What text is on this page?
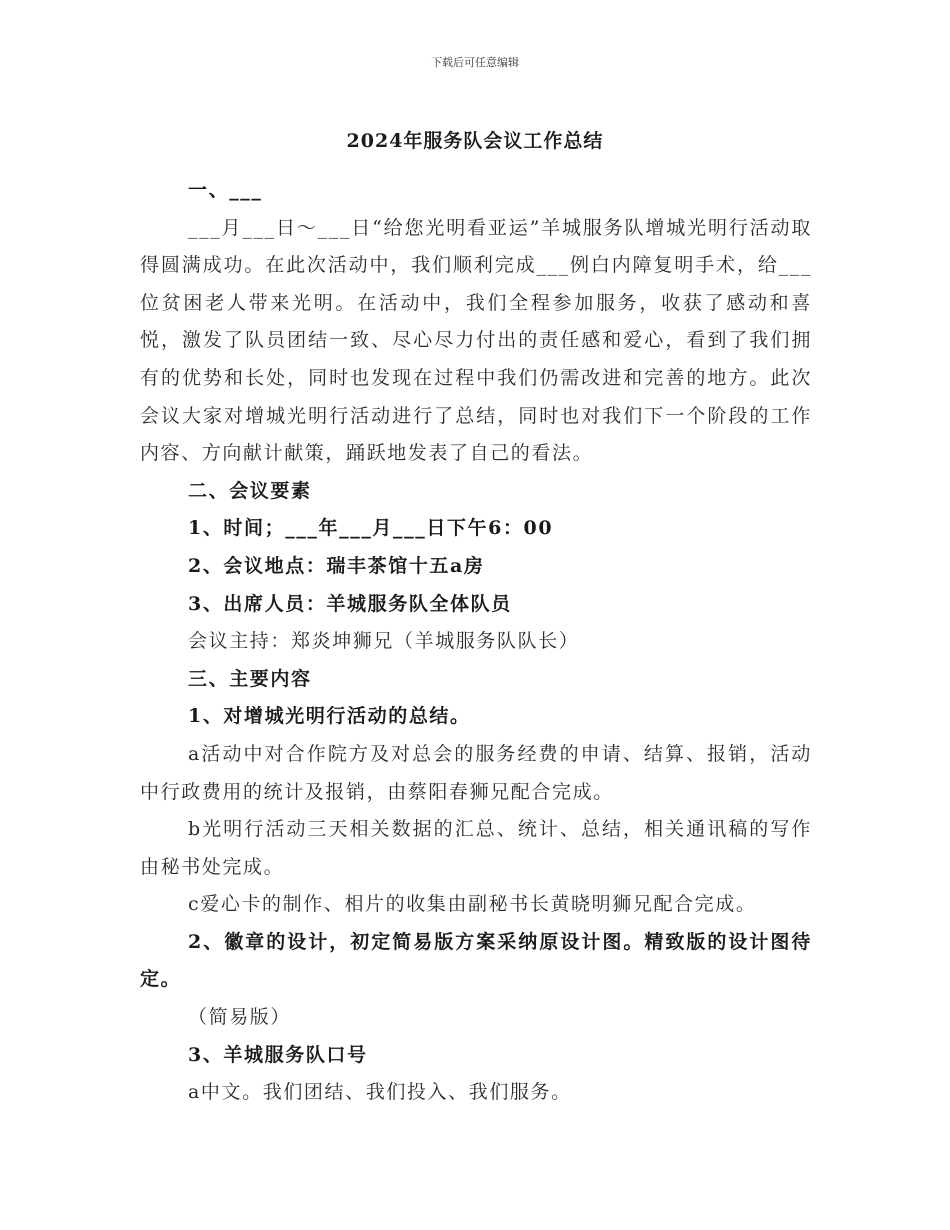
下载后可任意编辑
2024年服务队会议工作总结

一、___

___月___日～___日“给您光明看亚运”羊城服务队增城光明行活动取得圆满成功。在此次活动中，我们顺利完成___例白内障复明手术，给___位贫困老人带来光明。在活动中，我们全程参加服务，收获了感动和喜悦，激发了队员团结一致、尽心尽力付出的责任感和爱心，看到了我们拥有的优势和长处，同时也发现在过程中我们仍需改进和完善的地方。此次会议大家对增城光明行活动进行了总结，同时也对我们下一个阶段的工作内容、方向献计献策，踊跃地发表了自己的看法。

二、会议要素

1、时间；___年___月___日下午6：00

2、会议地点：瑞丰茶馆十五a房

3、出席人员：羊城服务队全体队员

会议主持：郑炎坤狮兄（羊城服务队队长）

三、主要内容

1、对增城光明行活动的总结。

a活动中对合作院方及对总会的服务经费的申请、结算、报销，活动中行政费用的统计及报销，由蔡阳春狮兄配合完成。

b光明行活动三天相关数据的汇总、统计、总结，相关通讯稿的写作由秘书处完成。

c爱心卡的制作、相片的收集由副秘书长黄晓明狮兄配合完成。

2、徽章的设计，初定简易版方案采纳原设计图。精致版的设计图待定。

（简易版）

3、羊城服务队口号

a中文。我们团结、我们投入、我们服务。
